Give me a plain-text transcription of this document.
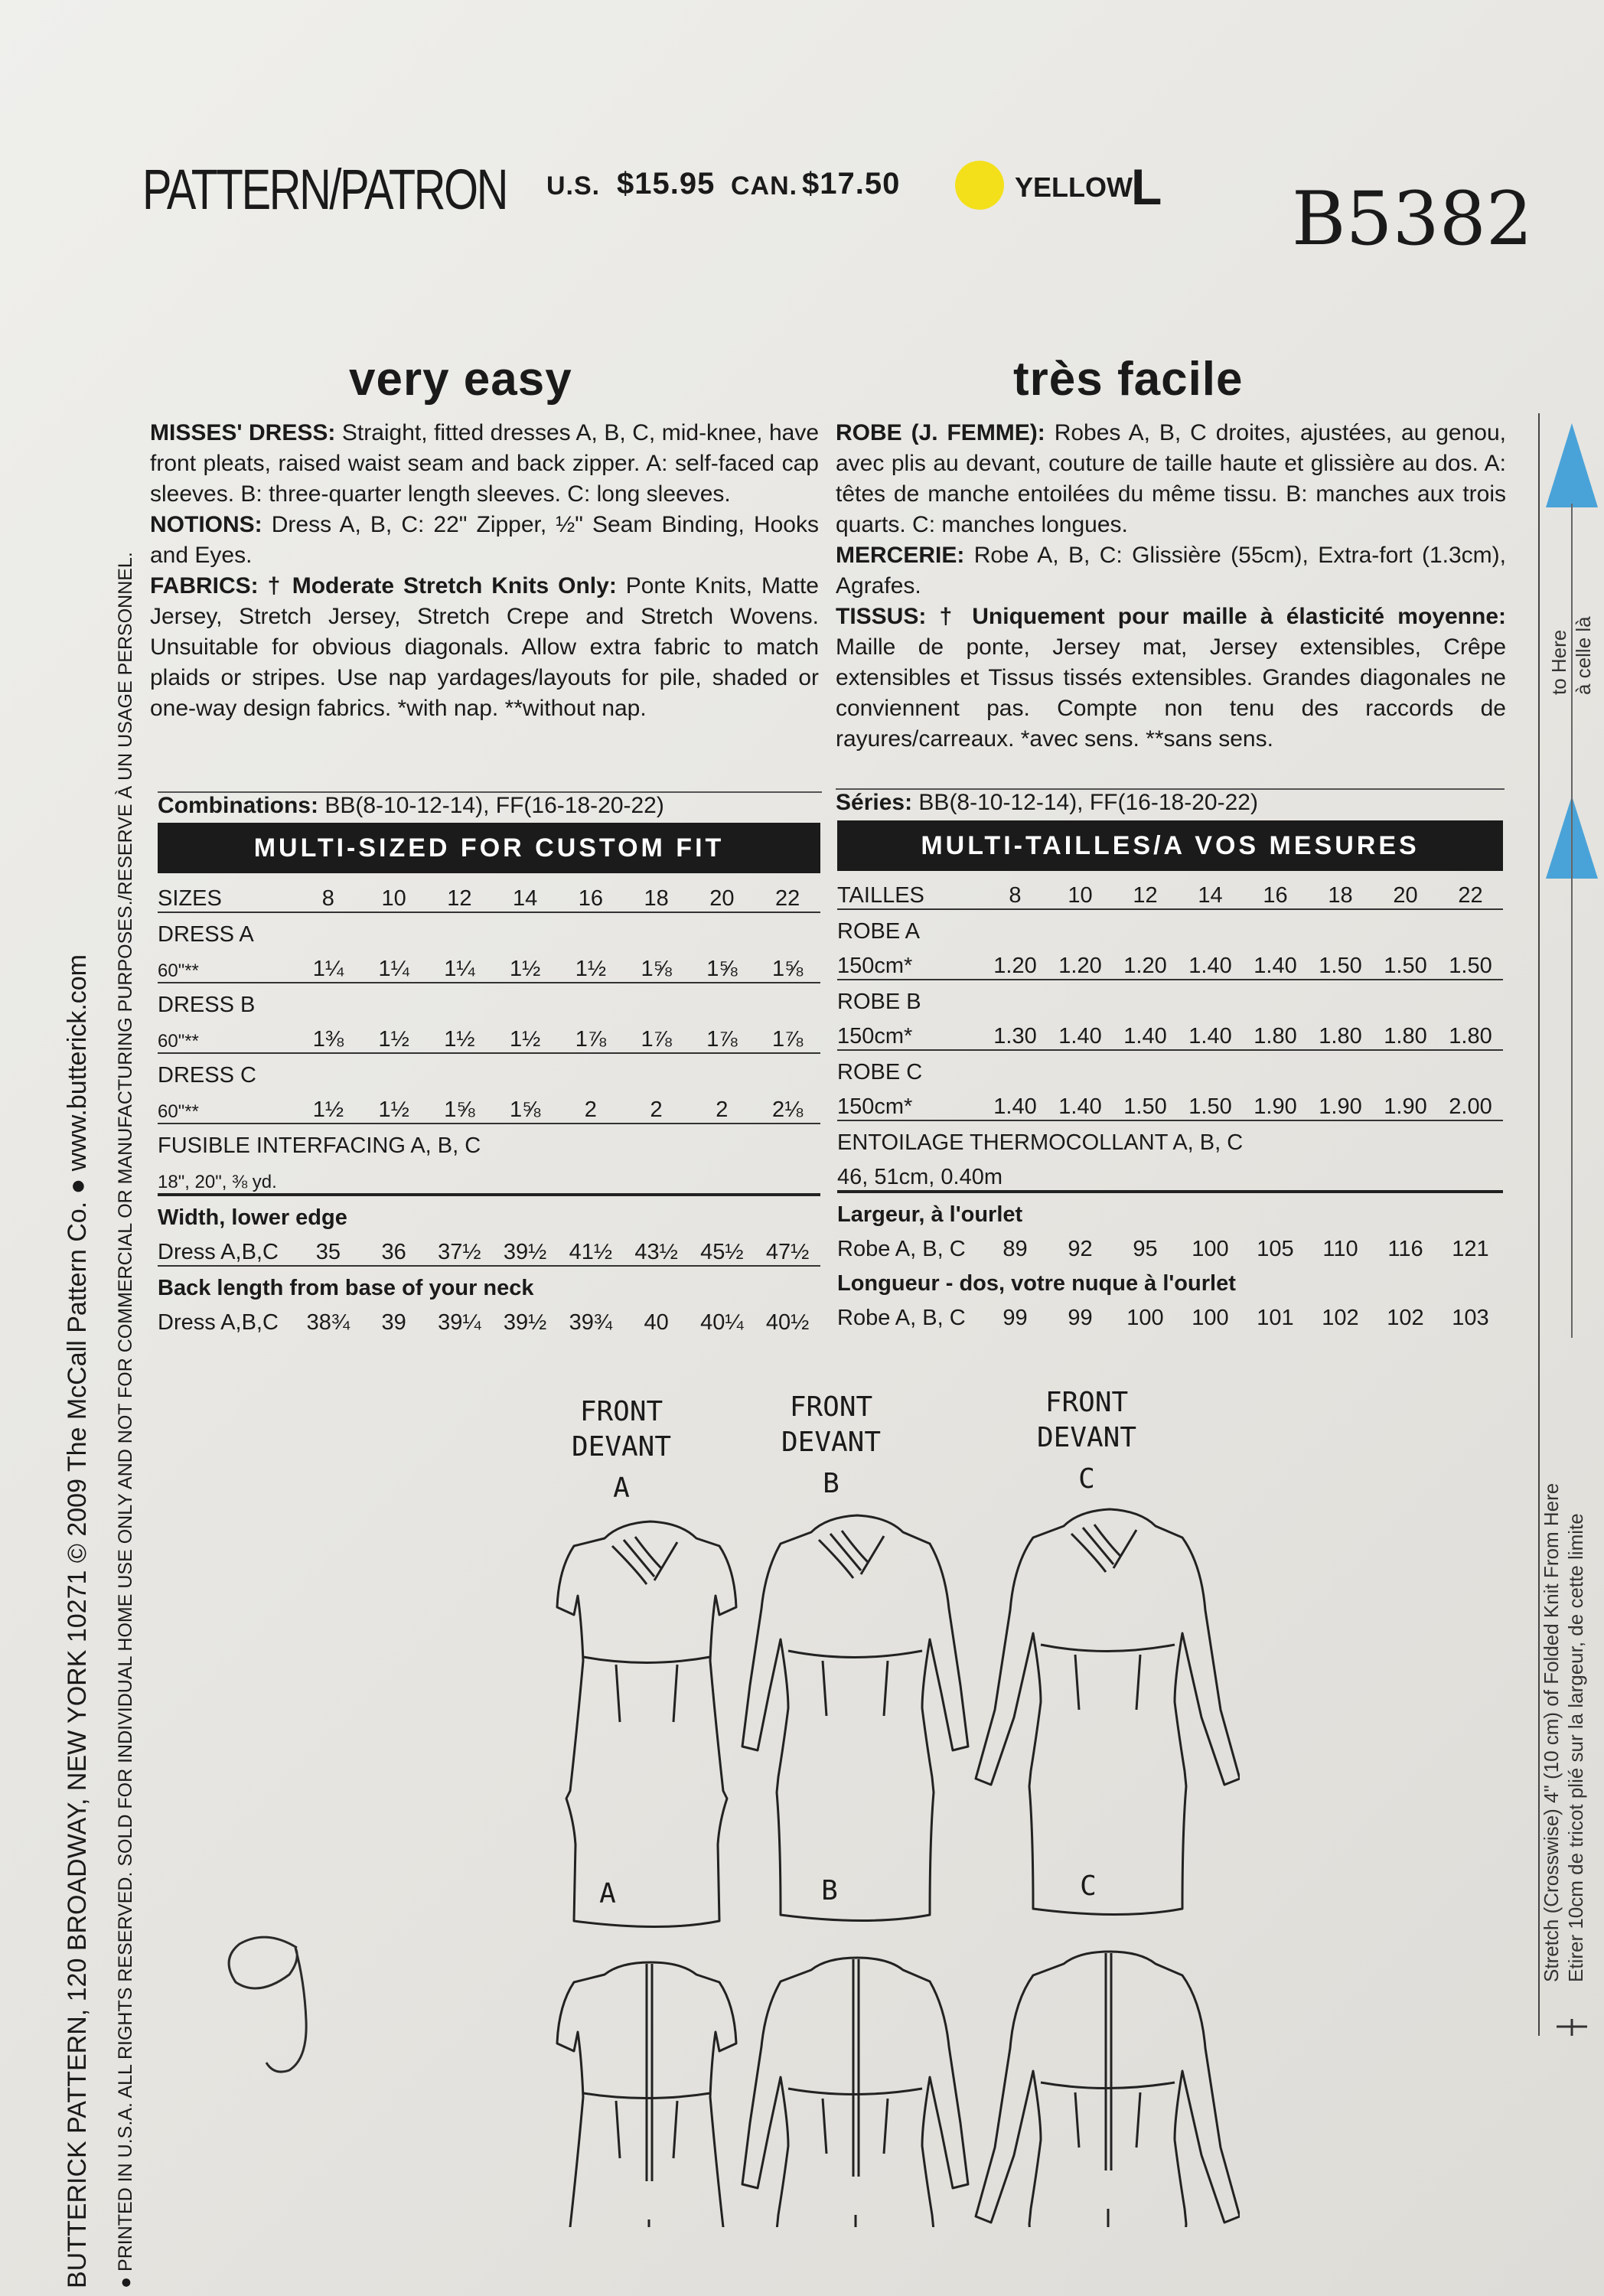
PATTERN/PATRON U.S. $15.95 CAN. $17.50	YELLOW
L B5382
very easy	très facile
MISSES' DRESS: Straight, fitted dresses A, B, C, mid-knee, have front pleats, raised waist seam and back zipper. A: self-faced cap sleeves. B: three-quarter length sleeves. C: long sleeves.
NOTIONS: Dress A, B, C: 22" Zipper, ½" Seam Binding, Hooks and Eyes.
FABRICS: † Moderate Stretch Knits Only: Ponte Knits, Matte Jersey, Stretch Jersey, Stretch Crepe and Stretch Wovens. Unsuitable for obvious diagonals. Allow extra fabric to match plaids or stripes. Use nap yardages/layouts for pile, shaded or one-way design fabrics. *with nap. **without nap.
ROBE (J. FEMME): Robes A, B, C droites, ajustées, au genou, avec plis au devant, couture de taille haute et glissière au dos. A: têtes de manche entoilées du même tissu. B: manches aux trois quarts. C: manches longues.
MERCERIE: Robe A, B, C: Glissière (55cm), Extra-fort (1.3cm), Agrafes.
TISSUS: † Uniquement pour maille à élasticité moyenne: Maille de ponte, Jersey mat, Jersey extensibles, Crêpe extensibles et Tissus tissés extensibles. Grandes diagonales ne conviennent pas. Compte non tenu des raccords de rayures/carreaux. *avec sens. **sans sens.
Combinations: BB(8-10-12-14), FF(16-18-20-22)	Séries: BB(8-10-12-14), FF(16-18-20-22)
MULTI-SIZED FOR CUSTOM FIT	MULTI-TAILLES/A VOS MESURES
SIZES	8	10	12	14	16	18	20	22
DRESS A								
60"**	1¼	1¼	1¼	1½	1½	1⅝	1⅝	1⅝
DRESS B								
60"**	1⅜	1½	1½	1½	1⅞	1⅞	1⅞	1⅞
DRESS C								
60"**	1½	1½	1⅝	1⅝	2	2	2	2⅛
FUSIBLE INTERFACING A, B, C								
18", 20", ⅜ yd.								
Width, lower edge								
Dress A,B,C	35	36	37½	39½	41½	43½	45½	47½
Back length from base of your neck								
Dress A,B,C	38¾	39	39¼	39½	39¾	40	40¼	40½
TAILLES	8	10	12	14	16	18	20	22
ROBE A								
150cm*	1.20	1.20	1.20	1.40	1.40	1.50	1.50	1.50
ROBE B								
150cm*	1.30	1.40	1.40	1.40	1.80	1.80	1.80	1.80
ROBE C								
150cm*	1.40	1.40	1.50	1.50	1.90	1.90	1.90	2.00
ENTOILAGE THERMOCOLLANT A, B, C								
46, 51cm, 0.40m								
Largeur, à l'ourlet								
Robe A, B, C	89	92	95	100	105	110	116	121
Longueur - dos, votre nuque à l'ourlet								
Robe A, B, C	99	99	100	100	101	102	102	103
FRONT
DEVANT
A
FRONT
DEVANT
B
FRONT
DEVANT
C
A	B	C
BUTTERICK PATTERN, 120 BROADWAY, NEW YORK 10271 © 2009 The McCall Pattern Co. ● www.butterick.com ● PRINTED IN U.S.A. ALL RIGHTS RESERVED. SOLD FOR INDIVIDUAL HOME USE ONLY AND NOT FOR COMMERCIAL OR MANUFACTURING PURPOSES./RESERVE À UN USAGE PERSONNEL.	to Here à celle là
Stretch (Crosswise) 4" (10 cm) of Folded Knit From Here Etirer 10cm de tricot plié sur la largeur, de cette limite
